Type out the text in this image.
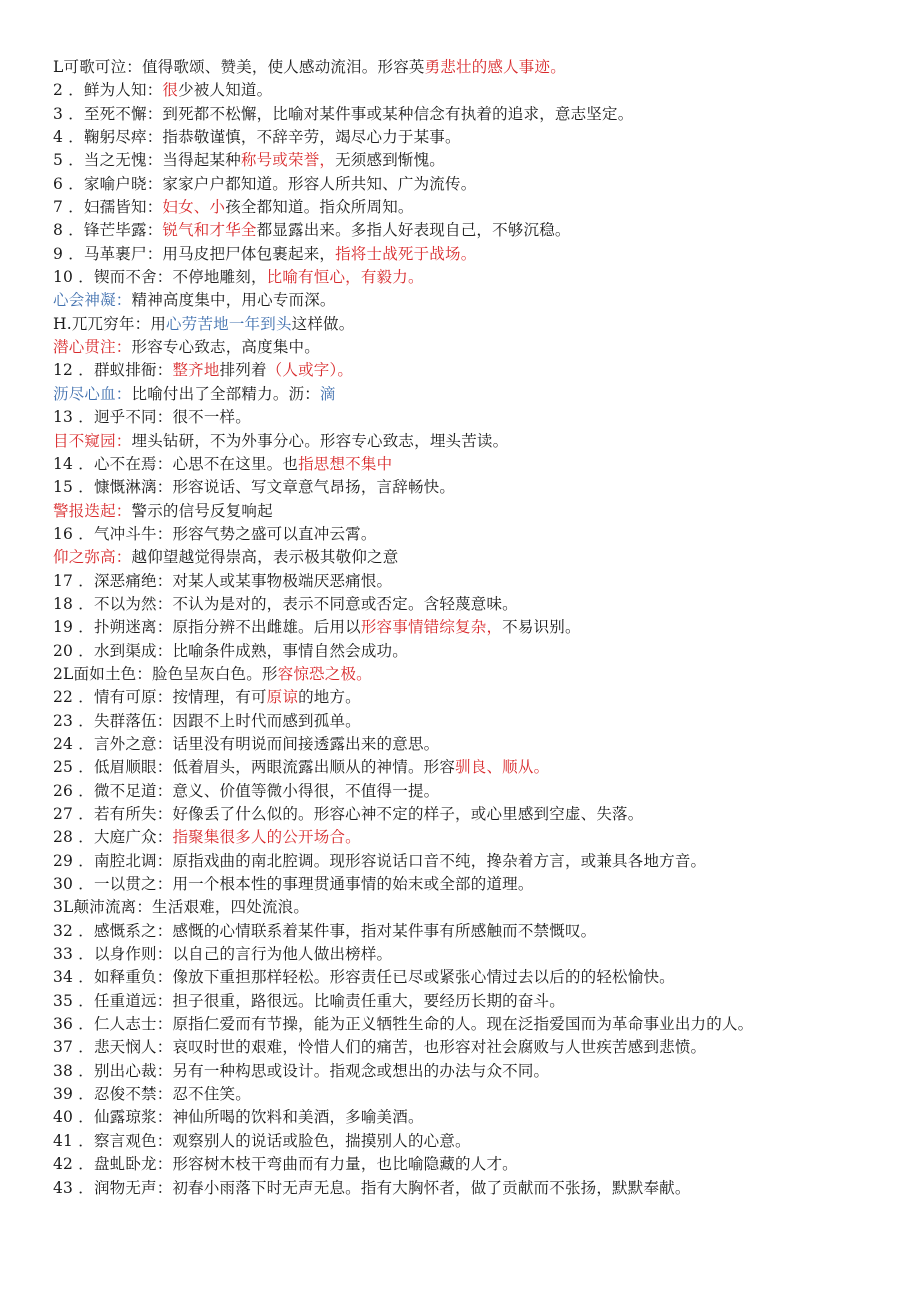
L可歌可泣：值得歌颂、赞美，使人感动流泪。形容英勇悲壮的感人事迹。
2 ．鲜为人知：很少被人知道。
3 ．至死不懈：到死都不松懈，比喻对某件事或某种信念有执着的追求，意志坚定。
4 ．鞠躬尽瘁：指恭敬谨慎，不辞辛劳，竭尽心力于某事。
5 ．当之无愧：当得起某种称号或荣誉，无须感到惭愧。
6 ．家喻户晓：家家户户都知道。形容人所共知、广为流传。
7 ．妇孺皆知：妇女、小孩全都知道。指众所周知。
8 ．锋芒毕露：锐气和才华全都显露出来。多指人好表现自己，不够沉稳。
9 ．马革裹尸：用马皮把尸体包裹起来，指将士战死于战场。
10 ．锲而不舍：不停地雕刻，比喻有恒心，有毅力。
心会神凝：精神高度集中，用心专而深。
H.兀兀穷年：用心劳苦地一年到头这样做。
潜心贯注：形容专心致志，高度集中。
12 ．群蚁排衙：整齐地排列着（人或字）。
沥尽心血：比喻付出了全部精力。沥：滴
13 ．迥乎不同：很不一样。
目不窥园：埋头钻研，不为外事分心。形容专心致志，埋头苦读。
14 ．心不在焉：心思不在这里。也指思想不集中
15 ．慷慨淋漓：形容说话、写文章意气昂扬，言辞畅快。
警报迭起：警示的信号反复响起
16 ．气冲斗牛：形容气势之盛可以直冲云霄。
仰之弥高：越仰望越觉得崇高，表示极其敬仰之意
17 ．深恶痛绝：对某人或某事物极端厌恶痛恨。
18 ．不以为然：不认为是对的，表示不同意或否定。含轻蔑意味。
19 ．扑朔迷离：原指分辨不出雌雄。后用以形容事情错综复杂，不易识别。
20 ．水到渠成：比喻条件成熟，事情自然会成功。
2L面如土色：脸色呈灰白色。形容惊恐之极。
22 ．情有可原：按情理，有可原谅的地方。
23 ．失群落伍：因跟不上时代而感到孤单。
24 ．言外之意：话里没有明说而间接透露出来的意思。
25 ．低眉顺眼：低着眉头，两眼流露出顺从的神情。形容驯良、顺从。
26 ．微不足道：意义、价值等微小得很，不值得一提。
27 ．若有所失：好像丢了什么似的。形容心神不定的样子，或心里感到空虚、失落。
28 ．大庭广众：指聚集很多人的公开场合。
29 ．南腔北调：原指戏曲的南北腔调。现形容说话口音不纯，搀杂着方言，或兼具各地方音。
30 ．一以贯之：用一个根本性的事理贯通事情的始末或全部的道理。
3L颠沛流离：生活艰难，四处流浪。
32 ．感慨系之：感慨的心情联系着某件事，指对某件事有所感触而不禁慨叹。
33 ．以身作则：以自己的言行为他人做出榜样。
34 ．如释重负：像放下重担那样轻松。形容责任已尽或紧张心情过去以后的的轻松愉快。
35 ．任重道远：担子很重，路很远。比喻责任重大，要经历长期的奋斗。
36 ．仁人志士：原指仁爱而有节操，能为正义牺牲生命的人。现在泛指爱国而为革命事业出力的人。
37 ．悲天悯人：哀叹时世的艰难，怜惜人们的痛苦，也形容对社会腐败与人世疾苦感到悲愤。
38 ．别出心裁：另有一种构思或设计。指观念或想出的办法与众不同。
39 ．忍俊不禁：忍不住笑。
40 ．仙露琼浆：神仙所喝的饮料和美酒，多喻美酒。
41 ．察言观色：观察别人的说话或脸色，揣摸别人的心意。
42 ．盘虬卧龙：形容树木枝干弯曲而有力量，也比喻隐藏的人才。
43 ．润物无声：初春小雨落下时无声无息。指有大胸怀者，做了贡献而不张扬，默默奉献。
